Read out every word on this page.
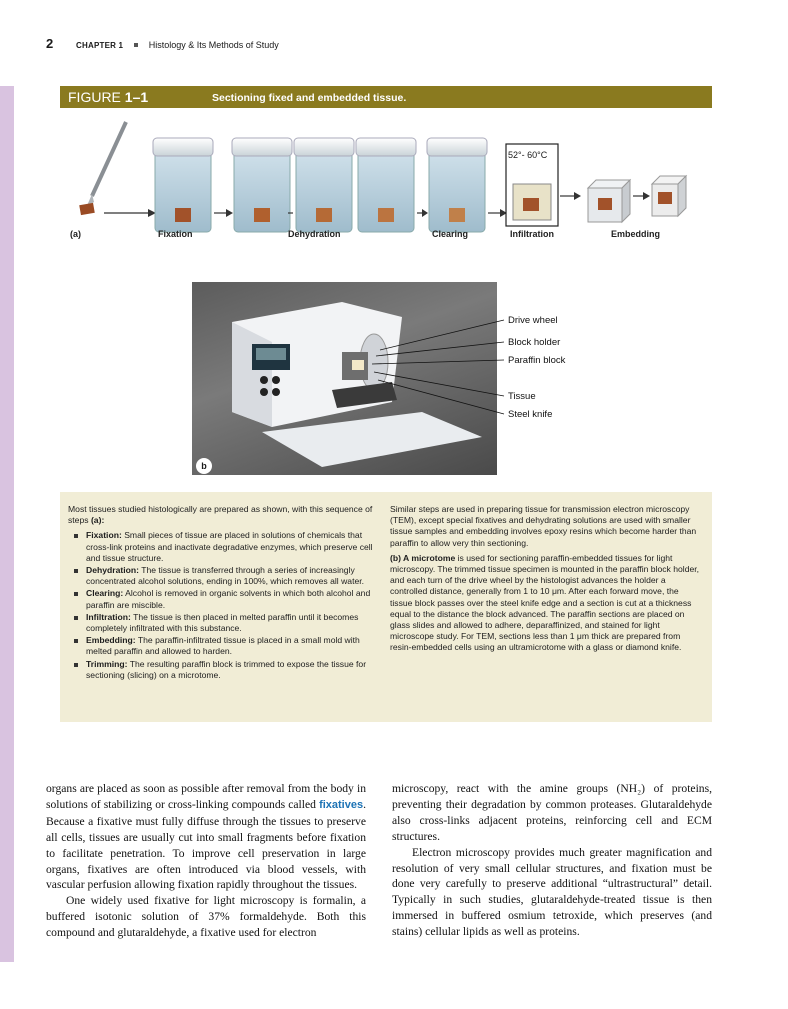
2	CHAPTER 1	Histology & Its Methods of Study
FIGURE 1–1	Sectioning fixed and embedded tissue.
52°- 60°C
(a)	Fixation	Dehydration	Clearing	Infiltration	Embedding
b
Drive wheel
Block holder
Paraffin block
Tissue
Steel knife

Most tissues studied histologically are prepared as shown, with this sequence of steps (a):

Fixation: Small pieces of tissue are placed in solutions of chemicals that cross-link proteins and inactivate degradative enzymes, which preserve cell and tissue structure.
Dehydration: The tissue is transferred through a series of increasingly concentrated alcohol solutions, ending in 100%, which removes all water.
Clearing: Alcohol is removed in organic solvents in which both alcohol and paraffin are miscible.
Infiltration: The tissue is then placed in melted paraffin until it becomes completely infiltrated with this substance.
Embedding: The paraffin-infiltrated tissue is placed in a small mold with melted paraffin and allowed to harden.
Trimming: The resulting paraffin block is trimmed to expose the tissue for sectioning (slicing) on a microtome.

Similar steps are used in preparing tissue for transmission electron microscopy (TEM), except special fixatives and dehydrating solutions are used with smaller tissue samples and embedding involves epoxy resins which become harder than paraffin to allow very thin sectioning.

(b) A microtome is used for sectioning paraffin-embedded tissues for light microscopy. The trimmed tissue specimen is mounted in the paraffin block holder, and each turn of the drive wheel by the histologist advances the holder a controlled distance, generally from 1 to 10 μm. After each forward move, the tissue block passes over the steel knife edge and a section is cut at a thickness equal to the distance the block advanced. The paraffin sections are placed on glass slides and allowed to adhere, deparaffinized, and stained for light microscope study. For TEM, sections less than 1 μm thick are prepared from resin-embedded cells using an ultramicrotome with a glass or diamond knife.

organs are placed as soon as possible after removal from the body in solutions of stabilizing or cross-linking compounds called fixatives. Because a fixative must fully diffuse through the tissues to preserve all cells, tissues are usually cut into small fragments before fixation to facilitate penetration. To improve cell preservation in large organs, fixatives are often introduced via blood vessels, with vascular perfusion allowing fixation rapidly throughout the tissues.

One widely used fixative for light microscopy is formalin, a buffered isotonic solution of 37% formaldehyde. Both this compound and glutaraldehyde, a fixative used for electron

microscopy, react with the amine groups (NH₂) of proteins, preventing their degradation by common proteases. Glutaraldehyde also cross-links adjacent proteins, reinforcing cell and ECM structures.

Electron microscopy provides much greater magnification and resolution of very small cellular structures, and fixation must be done very carefully to preserve additional “ultrastructural” detail. Typically in such studies, glutaraldehyde-treated tissue is then immersed in buffered osmium tetroxide, which preserves (and stains) cellular lipids as well as proteins.
